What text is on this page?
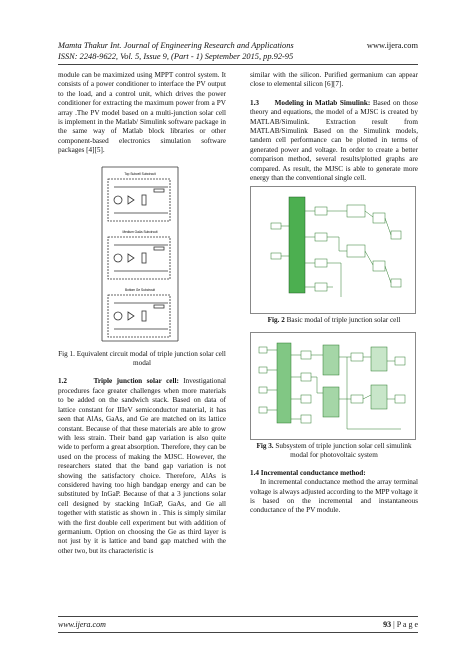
Mamta Thakur Int. Journal of Engineering Research and Applications	www.ijera.com
ISSN: 2248-9622, Vol. 5, Issue 9, (Part - 1) September 2015, pp.92-95

module can be maximized using MPPT control system. It consists of a power conditioner to interface the PV output to the load, and a control unit, which drives the power conditioner for extracting the maximum power from a PV array .The PV model based on a multi-junction solar cell is implement in the Matlab/ Simulink software package in the same way of Matlab block libraries or other component-based electronics simulation software packages [4][5].

Top Subcell Subcircuit
Medium GaAs Subcircuit
Bottom Ge Subcircuit

Fig 1. Equivalent circuit modal of triple junction solar cell modal

1.2	Triple junction solar cell: Investigational procedures face greater challenges when more materials to be added on the sandwich stack. Based on data of lattice constant for IIIeV semiconductor material, it has seen that AlAs, GaAs, and Ge are matched on its lattice constant. Because of that these materials are able to grow with less strain. Their band gap variation is also quite wide to perform a great absorption. Therefore, they can be used on the process of making the MJSC. However, the researchers stated that the band gap variation is not showing the satisfactory choice. Therefore, AlAs is considered having too high bandgap energy and can be substituted by InGaP. Because of that a 3 junctions solar cell designed by stacking InGaP, GaAs, and Ge all together with statistic as shown in . This is simply similar with the first double cell experiment but with addition of germanium. Option on choosing the Ge as third layer is not just by it is lattice and band gap matched with the other two, but its characteristic is

similar with the silicon. Purified germanium can appear close to elemental silicon [6][7].

1.3 Modeling in Matlab Simulink: Based on those theory and equations, the model of a MJSC is created by MATLAB/Simulink. Extraction result from MATLAB/Simulink Based on the Simulink models, tandem cell performance can be plotted in terms of generated power and voltage. In order to create a better comparison method, several results/plotted graphs are compared. As result, the MJSC is able to generate more energy than the conventional single cell.

Fig. 2 Basic modal of triple junction solar cell

Fig 3. Subsystem of triple junction solar cell simulink modal for photovoltaic system

1.4 Incremental conductance method:

In incremental conductance method the array terminal voltage is always adjusted according to the MPP voltage it is based on the incremental and instantaneous conductance of the PV module.

www.ijera.com	93 | P a g e
